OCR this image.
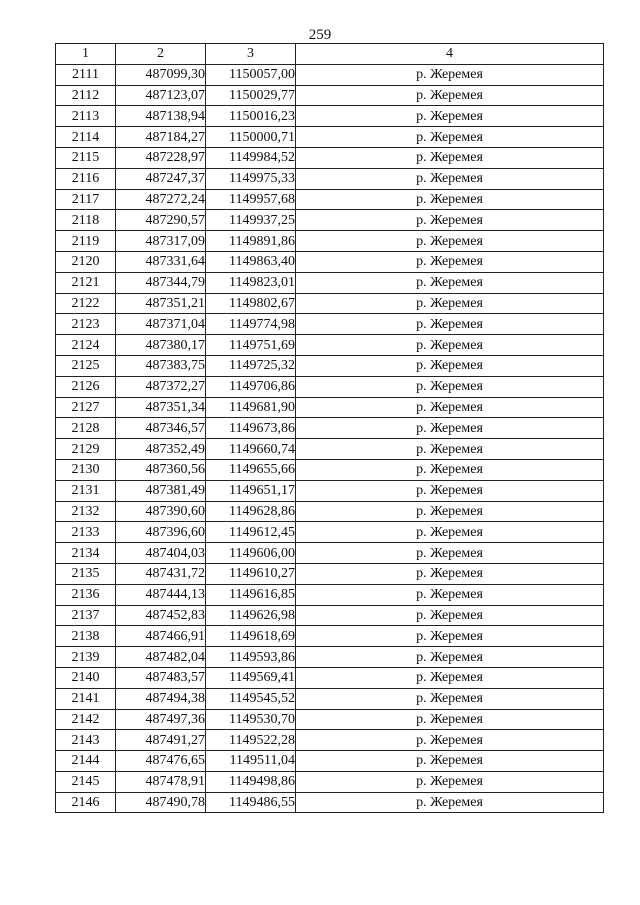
259
1	2	3	4
2111	487099,30	1150057,00	р. Жеремея
2112	487123,07	1150029,77	р. Жеремея
2113	487138,94	1150016,23	р. Жеремея
2114	487184,27	1150000,71	р. Жеремея
2115	487228,97	1149984,52	р. Жеремея
2116	487247,37	1149975,33	р. Жеремея
2117	487272,24	1149957,68	р. Жеремея
2118	487290,57	1149937,25	р. Жеремея
2119	487317,09	1149891,86	р. Жеремея
2120	487331,64	1149863,40	р. Жеремея
2121	487344,79	1149823,01	р. Жеремея
2122	487351,21	1149802,67	р. Жеремея
2123	487371,04	1149774,98	р. Жеремея
2124	487380,17	1149751,69	р. Жеремея
2125	487383,75	1149725,32	р. Жеремея
2126	487372,27	1149706,86	р. Жеремея
2127	487351,34	1149681,90	р. Жеремея
2128	487346,57	1149673,86	р. Жеремея
2129	487352,49	1149660,74	р. Жеремея
2130	487360,56	1149655,66	р. Жеремея
2131	487381,49	1149651,17	р. Жеремея
2132	487390,60	1149628,86	р. Жеремея
2133	487396,60	1149612,45	р. Жеремея
2134	487404,03	1149606,00	р. Жеремея
2135	487431,72	1149610,27	р. Жеремея
2136	487444,13	1149616,85	р. Жеремея
2137	487452,83	1149626,98	р. Жеремея
2138	487466,91	1149618,69	р. Жеремея
2139	487482,04	1149593,86	р. Жеремея
2140	487483,57	1149569,41	р. Жеремея
2141	487494,38	1149545,52	р. Жеремея
2142	487497,36	1149530,70	р. Жеремея
2143	487491,27	1149522,28	р. Жеремея
2144	487476,65	1149511,04	р. Жеремея
2145	487478,91	1149498,86	р. Жеремея
2146	487490,78	1149486,55	р. Жеремея
